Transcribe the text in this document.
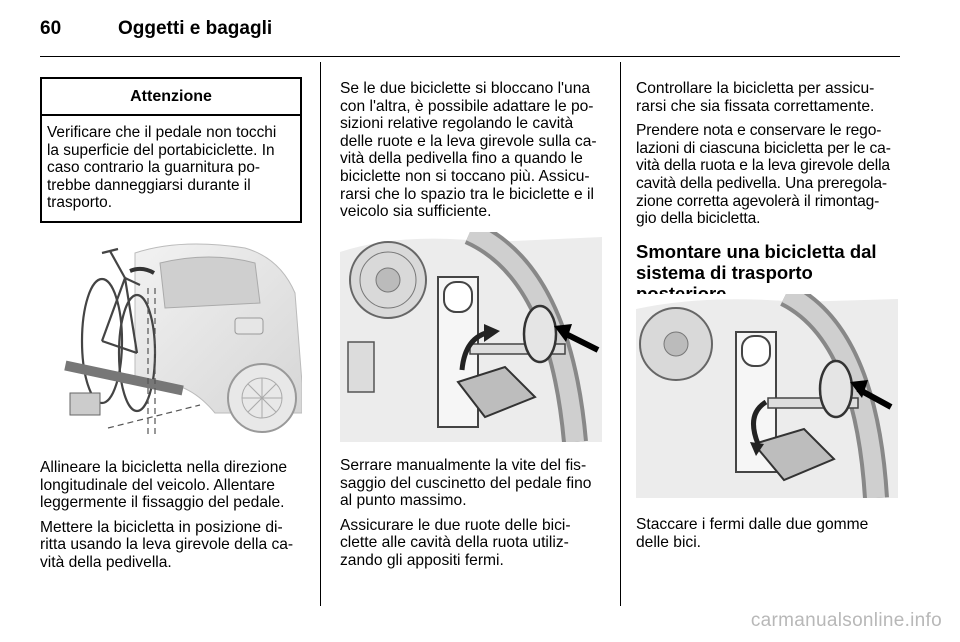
60	Oggetti e bagagli
Attenzione
Verificare che il pedale non tocchi
la superficie del portabiciclette. In
caso contrario la guarnitura po-
trebbe danneggiarsi durante il
trasporto.

Allineare la bicicletta nella direzione
longitudinale del veicolo. Allentare
leggermente il fissaggio del pedale.

Mettere la bicicletta in posizione di-
ritta usando la leva girevole della ca-
vità della pedivella.

Se le due biciclette si bloccano l'una
con l'altra, è possibile adattare le po-
sizioni relative regolando le cavità
delle ruote e la leva girevole sulla ca-
vità della pedivella fino a quando le
biciclette non si toccano più. Assicu-
rarsi che lo spazio tra le biciclette e il
veicolo sia sufficiente.

Serrare manualmente la vite del fis-
saggio del cuscinetto del pedale fino
al punto massimo.

Assicurare le due ruote delle bici-
clette alle cavità della ruota utiliz-
zando gli appositi fermi.

Controllare la bicicletta per assicu-
rarsi che sia fissata correttamente.

Prendere nota e conservare le rego-
lazioni di ciascuna bicicletta per le ca-
vità della ruota e la leva girevole della
cavità della pedivella. Una preregola-
zione corretta agevolerà il rimontag-
gio della bicicletta.

Smontare una bicicletta dal
sistema di trasporto

Staccare i fermi dalle due gomme
delle bici.

carmanualsonline.info
